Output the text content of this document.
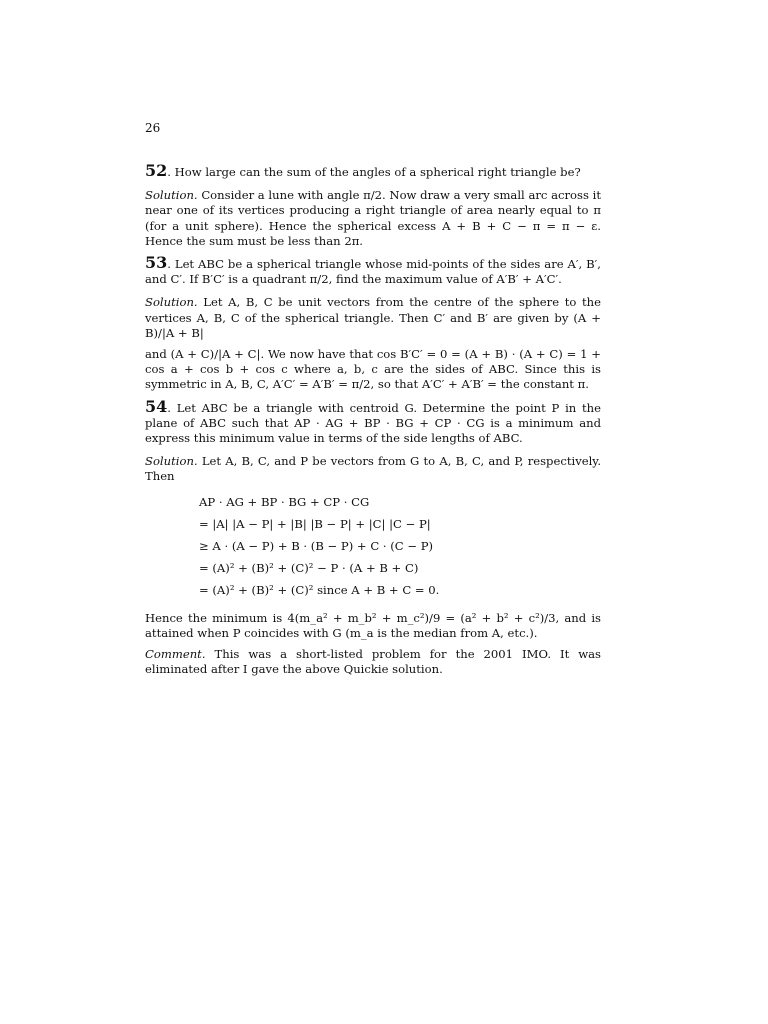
26
52. How large can the sum of the angles of a spherical right triangle be?
Solution. Consider a lune with angle π/2. Now draw a very small arc across it near one of its vertices producing a right triangle of area nearly equal to π (for a unit sphere). Hence the spherical excess A + B + C − π = π − ε. Hence the sum must be less than 2π.
53. Let ABC be a spherical triangle whose mid-points of the sides are A′, B′, and C′. If B′C′ is a quadrant π/2, find the maximum value of A′B′ + A′C′.
Solution. Let A, B, C be unit vectors from the centre of the sphere to the vertices A, B, C of the spherical triangle. Then C′ and B′ are given by (A + B)/|A + B|
and (A + C)/|A + C|. We now have that cos B′C′ = 0 = (A + B) · (A + C) = 1 + cos a + cos b + cos c where a, b, c are the sides of ABC. Since this is symmetric in A, B, C, A′C′ = A′B′ = π/2, so that A′C′ + A′B′ = the constant π.
54. Let ABC be a triangle with centroid G. Determine the point P in the plane of ABC such that AP · AG + BP · BG + CP · CG is a minimum and express this minimum value in terms of the side lengths of ABC.
Solution. Let A, B, C, and P be vectors from G to A, B, C, and P, respectively. Then
AP · AG + BP · BG + CP · CG
= |A| |A − P| + |B| |B − P| + |C| |C − P|
≥ A · (A − P) + B · (B − P) + C · (C − P)
= (A)² + (B)² + (C)² − P · (A + B + C)
= (A)² + (B)² + (C)² since A + B + C = 0.
Hence the minimum is 4(m_a² + m_b² + m_c²)/9 = (a² + b² + c²)/3, and is attained when P coincides with G (m_a is the median from A, etc.).
Comment. This was a short-listed problem for the 2001 IMO. It was eliminated after I gave the above Quickie solution.
